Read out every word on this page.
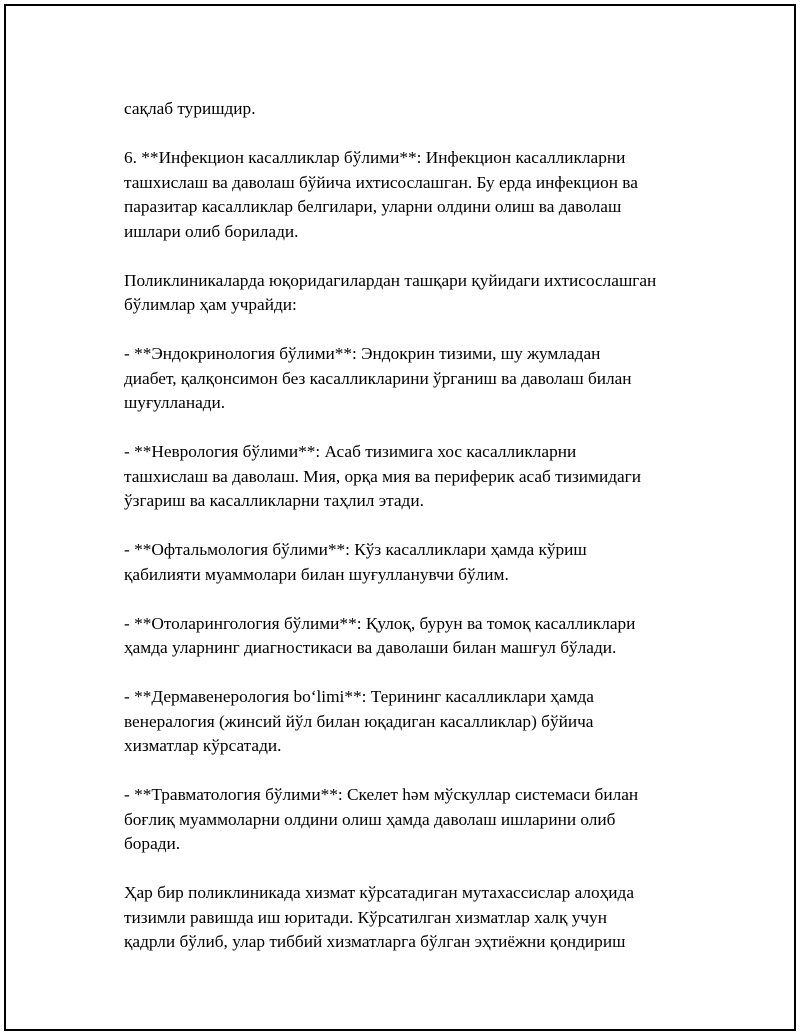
сақлаб туришдир.

6. **Инфекцион касалликлар бўлими**: Инфекцион касалликларни
ташхислаш ва даволаш бўйича ихтисослашган. Бу ерда инфекцион ва
паразитар касалликлар белгилари, уларни олдини олиш ва даволаш
ишлари олиб борилади.

Поликлиникаларда юқоридагилардан ташқари қуйидаги ихтисослашган
бўлимлар ҳам учрайди:

- **Эндокринология бўлими**: Эндокрин тизими, шу жумладан
диабет, қалқонсимон без касалликларини ўрганиш ва даволаш билан
шуғулланади.

- **Неврология бўлими**: Асаб тизимига хос касалликларни
ташхислаш ва даволаш. Мия, орқа мия ва периферик асаб тизимидаги
ўзгариш ва касалликларни таҳлил этади.

- **Офтальмология бўлими**: Кўз касалликлари ҳамда кўриш
қабилияти муаммолари билан шуғулланувчи бўлим.

- **Отоларингология бўлими**: Қулоқ, бурун ва томоқ касалликлари
ҳамда уларнинг диагностикаси ва даволаши билан машғул бўлади.

- **Дермавенерология boʻlimi**: Терининг касалликлари ҳамда
венералогия (жинсий йўл билан юқадиган касалликлар) бўйича
хизматлар кўрсатади.

- **Травматология бўлими**: Скелет һәм мўскуллар системаси билан
боғлиқ муаммоларни олдини олиш ҳамда даволаш ишларини олиб
боради.

Ҳар бир поликлиникада хизмат кўрсатадиган мутахассислар алоҳида
тизимли равишда иш юритади. Кўрсатилган хизматлар халқ учун
қадрли бўлиб, улар тиббий хизматларга бўлган эҳтиёжни қондириш
